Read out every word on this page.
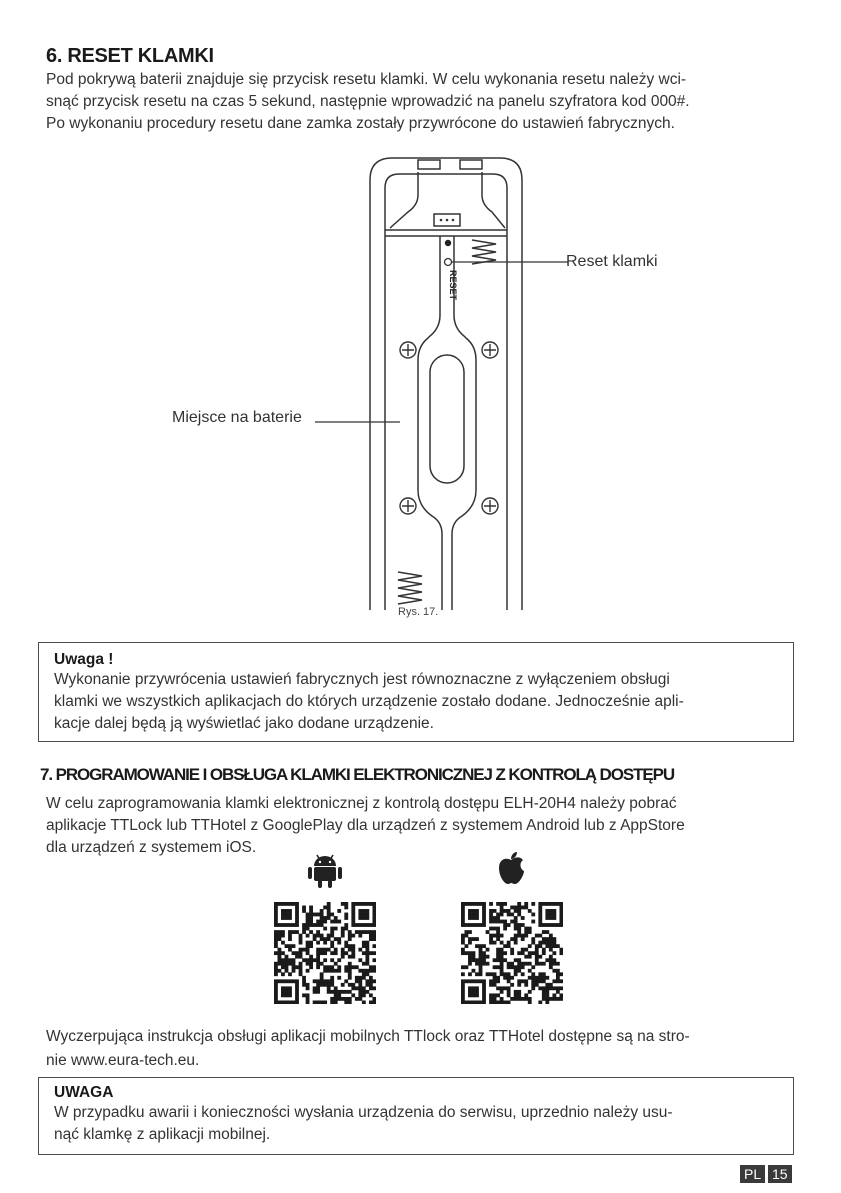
6. RESET KLAMKI
Pod pokrywą baterii znajduje się przycisk resetu klamki. W celu wykonania resetu należy wci-
snąć przycisk resetu na czas 5 sekund, następnie wprowadzić na panelu szyfratora kod 000#.
Po wykonaniu procedury resetu dane zamka zostały przywrócone do ustawień fabrycznych.
RESET
Reset klamki
Miejsce na baterie
Rys. 17.
Uwaga !
Wykonanie przywrócenia ustawień fabrycznych jest równoznaczne z wyłączeniem obsługi
klamki we wszystkich aplikacjach do których urządzenie zostało dodane. Jednocześnie apli-
kacje dalej będą ją wyświetlać jako dodane urządzenie.
7. PROGRAMOWANIE I OBSŁUGA KLAMKI ELEKTRONICZNEJ Z KONTROLĄ DOSTĘPU
W celu zaprogramowania klamki elektronicznej z kontrolą dostępu ELH-20H4 należy pobrać
aplikacje TTLock lub TTHotel z GooglePlay dla urządzeń z systemem Android lub z AppStore
dla urządzeń z systemem iOS.
Wyczerpująca instrukcja obsługi aplikacji mobilnych TTlock oraz TTHotel dostępne są na stro-
nie www.eura-tech.eu.
UWAGA
W przypadku awarii i konieczności wysłania urządzenia do serwisu, uprzednio należy usu-
nąć klamkę z aplikacji mobilnej.
PL 15
